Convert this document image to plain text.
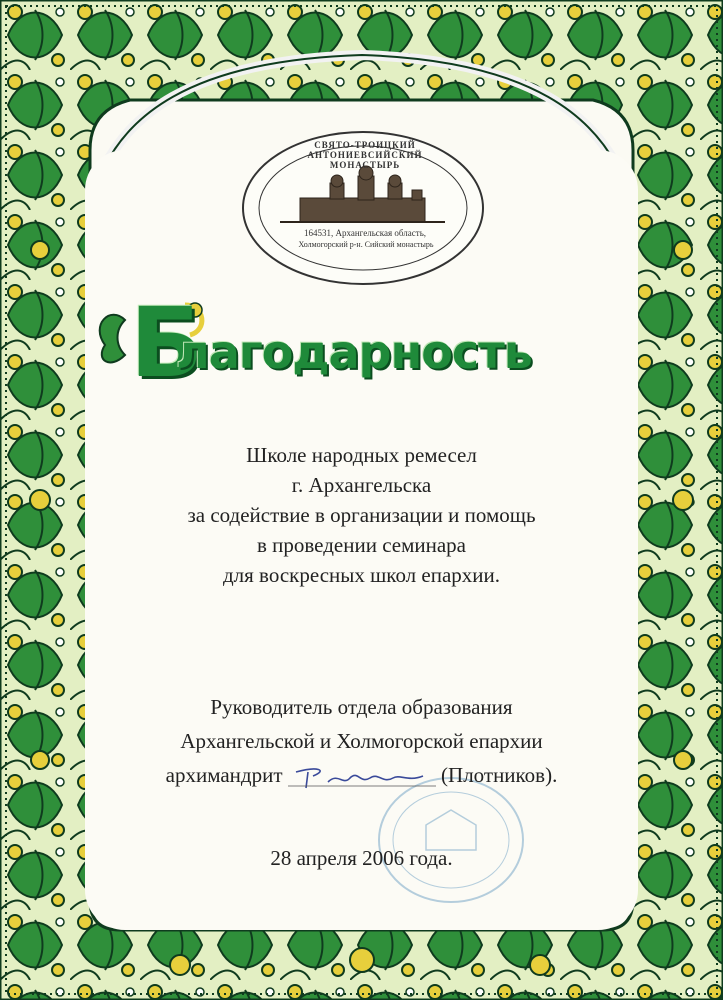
СВЯТО-ТРОИЦКИЙ АНТОНИЕВСИЙСКИЙ МОНАСТЫРЬ
164531, Архангельская область,
Холмогорский р-н. Сийский монастырь
Б
лагодарность
Школе народных ремесел
г. Архангельска
за содействие в организации и помощь
в проведении семинара
для воскресных школ епархии.
Руководитель отдела образования
Архангельской и Холмогорской епархии
архимандрит	(Плотников).
28 апреля 2006 года.
